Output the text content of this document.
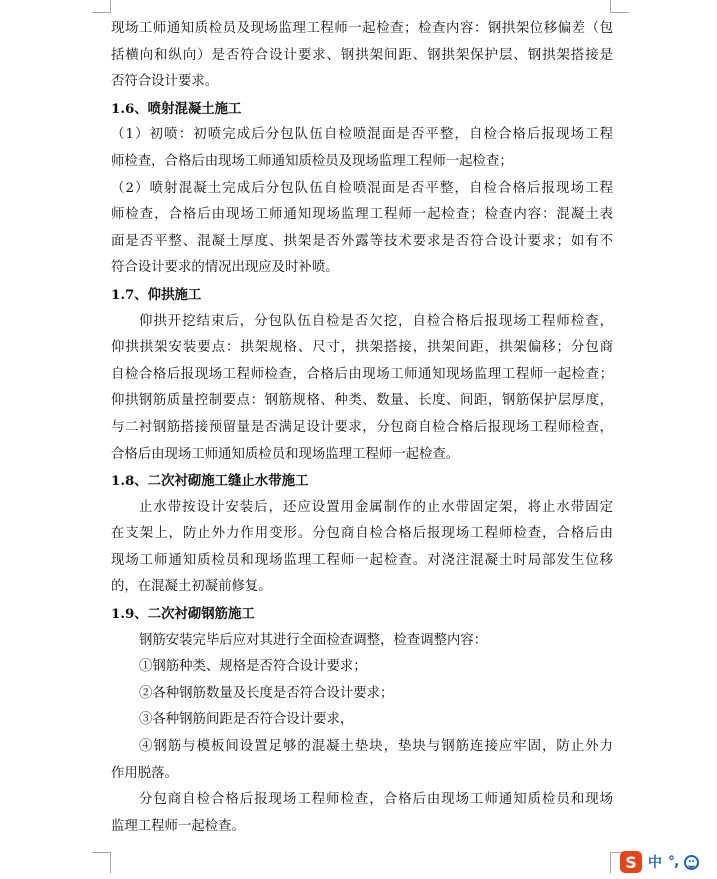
现场工师通知质检员及现场监理工程师一起检查；检查内容：钢拱架位移偏差（包
括横向和纵向）是否符合设计要求、钢拱架间距、钢拱架保护层、钢拱架搭接是
否符合设计要求。
1.6、喷射混凝土施工
（1）初喷：初喷完成后分包队伍自检喷混面是否平整，自检合格后报现场工程
师检查，合格后由现场工师通知质检员及现场监理工程师一起检查；
（2）喷射混凝土完成后分包队伍自检喷混面是否平整，自检合格后报现场工程
师检查，合格后由现场工师通知现场监理工程师一起检查；检查内容：混凝土表
面是否平整、混凝土厚度、拱架是否外露等技术要求是否符合设计要求；如有不
符合设计要求的情况出现应及时补喷。
1.7、仰拱施工
仰拱开挖结束后，分包队伍自检是否欠挖，自检合格后报现场工程师检查，
仰拱拱架安装要点：拱架规格、尺寸，拱架搭接，拱架间距，拱架偏移；分包商
自检合格后报现场工程师检查，合格后由现场工师通知现场监理工程师一起检查；
仰拱钢筋质量控制要点：钢筋规格、种类、数量、长度、间距，钢筋保护层厚度，
与二衬钢筋搭接预留量是否满足设计要求，分包商自检合格后报现场工程师检查，
合格后由现场工师通知质检员和现场监理工程师一起检查。
1.8、二次衬砌施工缝止水带施工
止水带按设计安装后，还应设置用金属制作的止水带固定架，将止水带固定
在支架上，防止外力作用变形。分包商自检合格后报现场工程师检查，合格后由
现场工师通知质检员和现场监理工程师一起检查。对浇注混凝土时局部发生位移
的，在混凝土初凝前修复。
1.9、二次衬砌钢筋施工
钢筋安装完毕后应对其进行全面检查调整，检查调整内容：
①钢筋种类、规格是否符合设计要求；
②各种钢筋数量及长度是否符合设计要求；
③各种钢筋间距是否符合设计要求，
④钢筋与模板间设置足够的混凝土垫块，垫块与钢筋连接应牢固，防止外力
作用脱落。
分包商自检合格后报现场工程师检查，合格后由现场工师通知质检员和现场
监理工程师一起检查。
S 中 °,
